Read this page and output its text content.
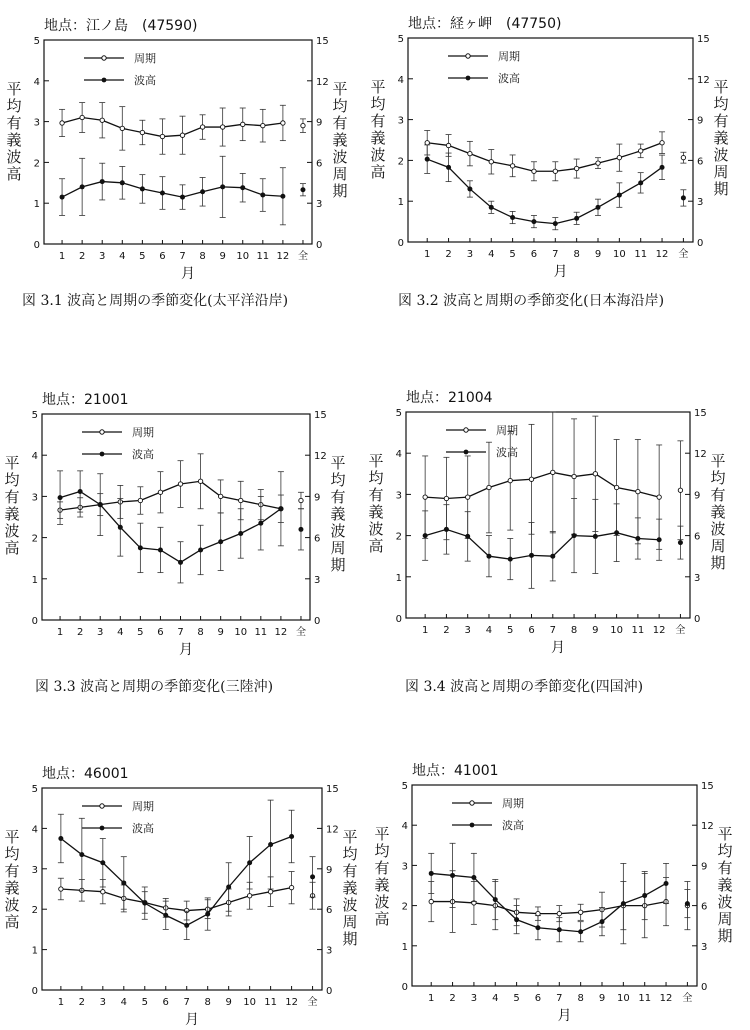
0
1
2
3
4
5
0
3
6
9
12
15
1 2 3 4 5 6 7 8 9 10 11 12 全
月
平
均
有
義
波
高
平
均
有
義
波
周
期
地点：江ノ島　(47590)
周期
波高
0
1
2
3
4
5
0
3
6
9
12
15
1 2 3 4 5 6 7 8 9 10 11 12 全
月
平
均
有
義
波
高
平
均
有
義
波
周
期
地点：経ヶ岬　(47750)
周期
波高
0
1
2
3
4
5
0
3
6
9
12
15
1 2 3 4 5 6 7 8 9 10 11 12 全
月
平
均
有
義
波
高
平
均
有
義
波
周
期
地点：21001
周期
波高
0
1
2
3
4
5
0
3
6
9
12
15
1 2 3 4 5 6 7 8 9 10 11 12 全
月
平
均
有
義
波
高
平
均
有
義
波
周
期
地点：21004
周期
波高
0
1
2
3
4
5
0
3
6
9
12
15
1 2 3 4 5 6 7 8 9 10 11 12 全
月
平
均
有
義
波
高
平
均
有
義
波
周
期
地点：46001
周期
波高
0
1
2
3
4
5
0
3
6
9
12
15
1 2 3 4 5 6 7 8 9 10 11 12 全
月
平
均
有
義
波
高
平
均
有
義
波
周
期
地点：41001
周期
波高
図 3.1 波高と周期の季節変化(太平洋沿岸)	図 3.2 波高と周期の季節変化(日本海沿岸)
図 3.3 波高と周期の季節変化(三陸沖)	図 3.4 波高と周期の季節変化(四国沖)
